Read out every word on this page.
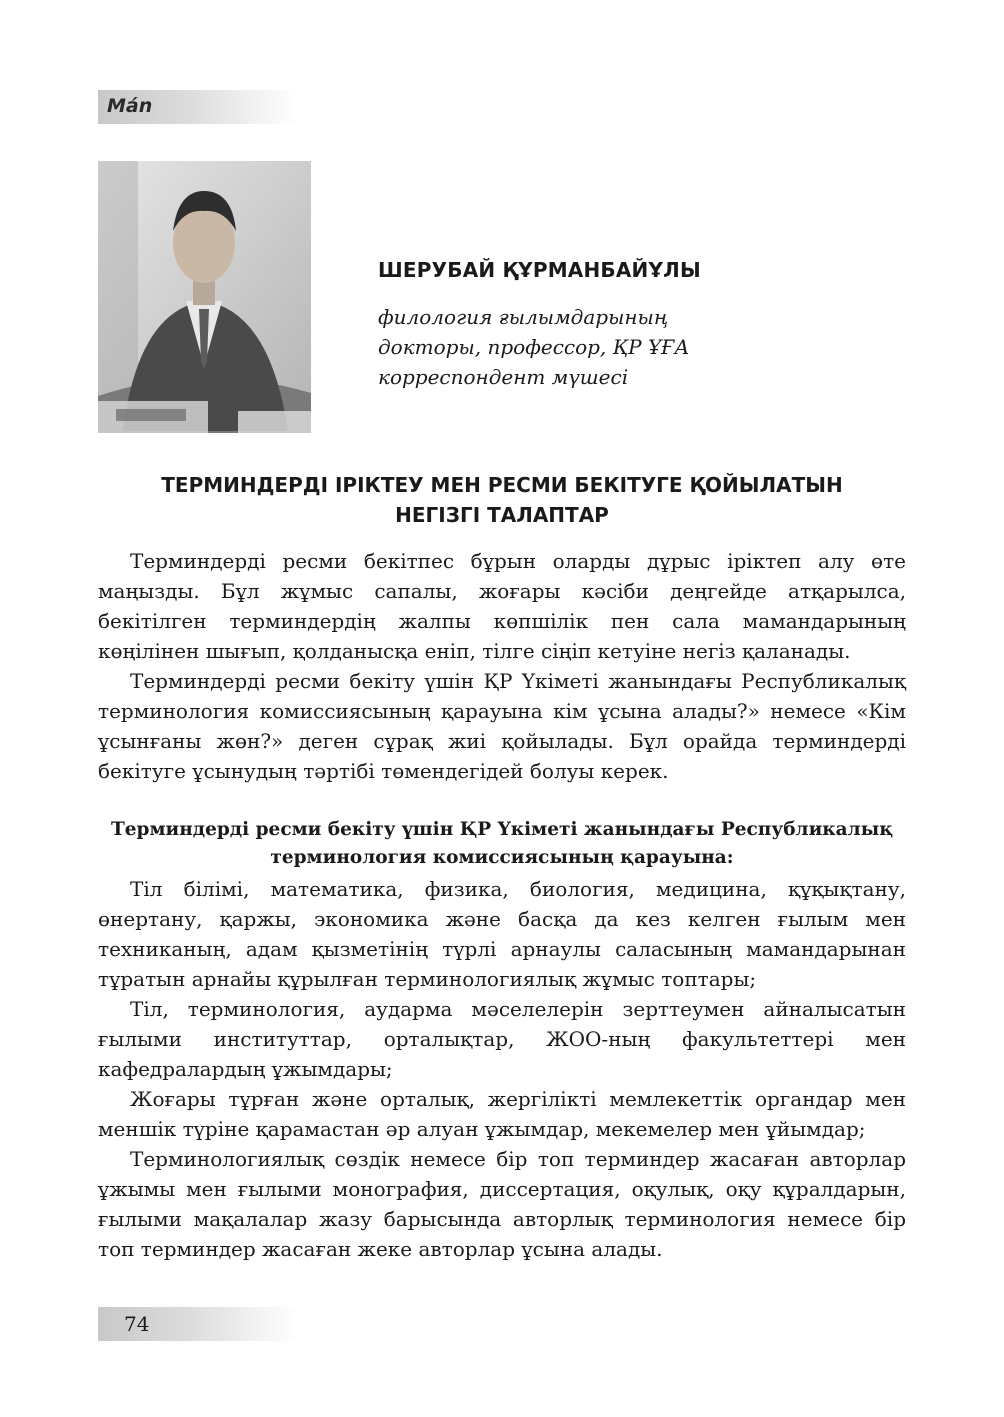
Mán
ШЕРУБАЙ ҚҰРМАНБАЙҰЛЫ
филология ғылымдарының
докторы, профессор, ҚР ҰҒА
корреспондент мүшесі
ТЕРМИНДЕРДІ ІРІКТЕУ МЕН РЕСМИ БЕКІТУГЕ ҚОЙЫЛАТЫН
НЕГІЗГІ ТАЛАПТАР

Терминдерді ресми бекітпес бұрын оларды дұрыс іріктеп алу өте маңызды. Бұл жұмыс сапалы, жоғары кәсіби деңгейде атқарылса, бекітілген терминдердің жалпы көпшілік пен сала мамандарының көңілінен шығып, қолданысқа еніп, тілге сіңіп кетуіне негіз қаланады.

Терминдерді ресми бекіту үшін ҚР Үкіметі жанындағы Республикалық терминология комиссиясының қарауына кім ұсына алады?» немесе «Кім ұсынғаны жөн?» деген сұрақ жиі қойылады. Бұл орайда терминдерді бекітуге ұсынудың тәртібі төмендегідей болуы керек.

Терминдерді ресми бекіту үшін ҚР Үкіметі жанындағы Республикалық
терминология комиссиясының қарауына:

Тіл білімі, математика, физика, биология, медицина, құқықтану, өнертану, қаржы, экономика және басқа да кез келген ғылым мен техниканың, адам қызметінің түрлі арнаулы саласының мамандарынан тұратын арнайы құрылған терминологиялық жұмыс топтары;

Тіл, терминология, аударма мәселелерін зерттеумен айналысатын ғылыми институттар, орталықтар, ЖОО-ның факультеттері мен кафедралардың ұжымдары;

Жоғары тұрған және орталық, жергілікті мемлекеттік органдар мен меншік түріне қарамастан әр алуан ұжымдар, мекемелер мен ұйымдар;

Терминологиялық сөздік немесе бір топ терминдер жасаған авторлар ұжымы мен ғылыми монография, диссертация, оқулық, оқу құралдарын, ғылыми мақалалар жазу барысында авторлық терминология немесе бір топ терминдер жасаған жеке авторлар ұсына алады.

74
